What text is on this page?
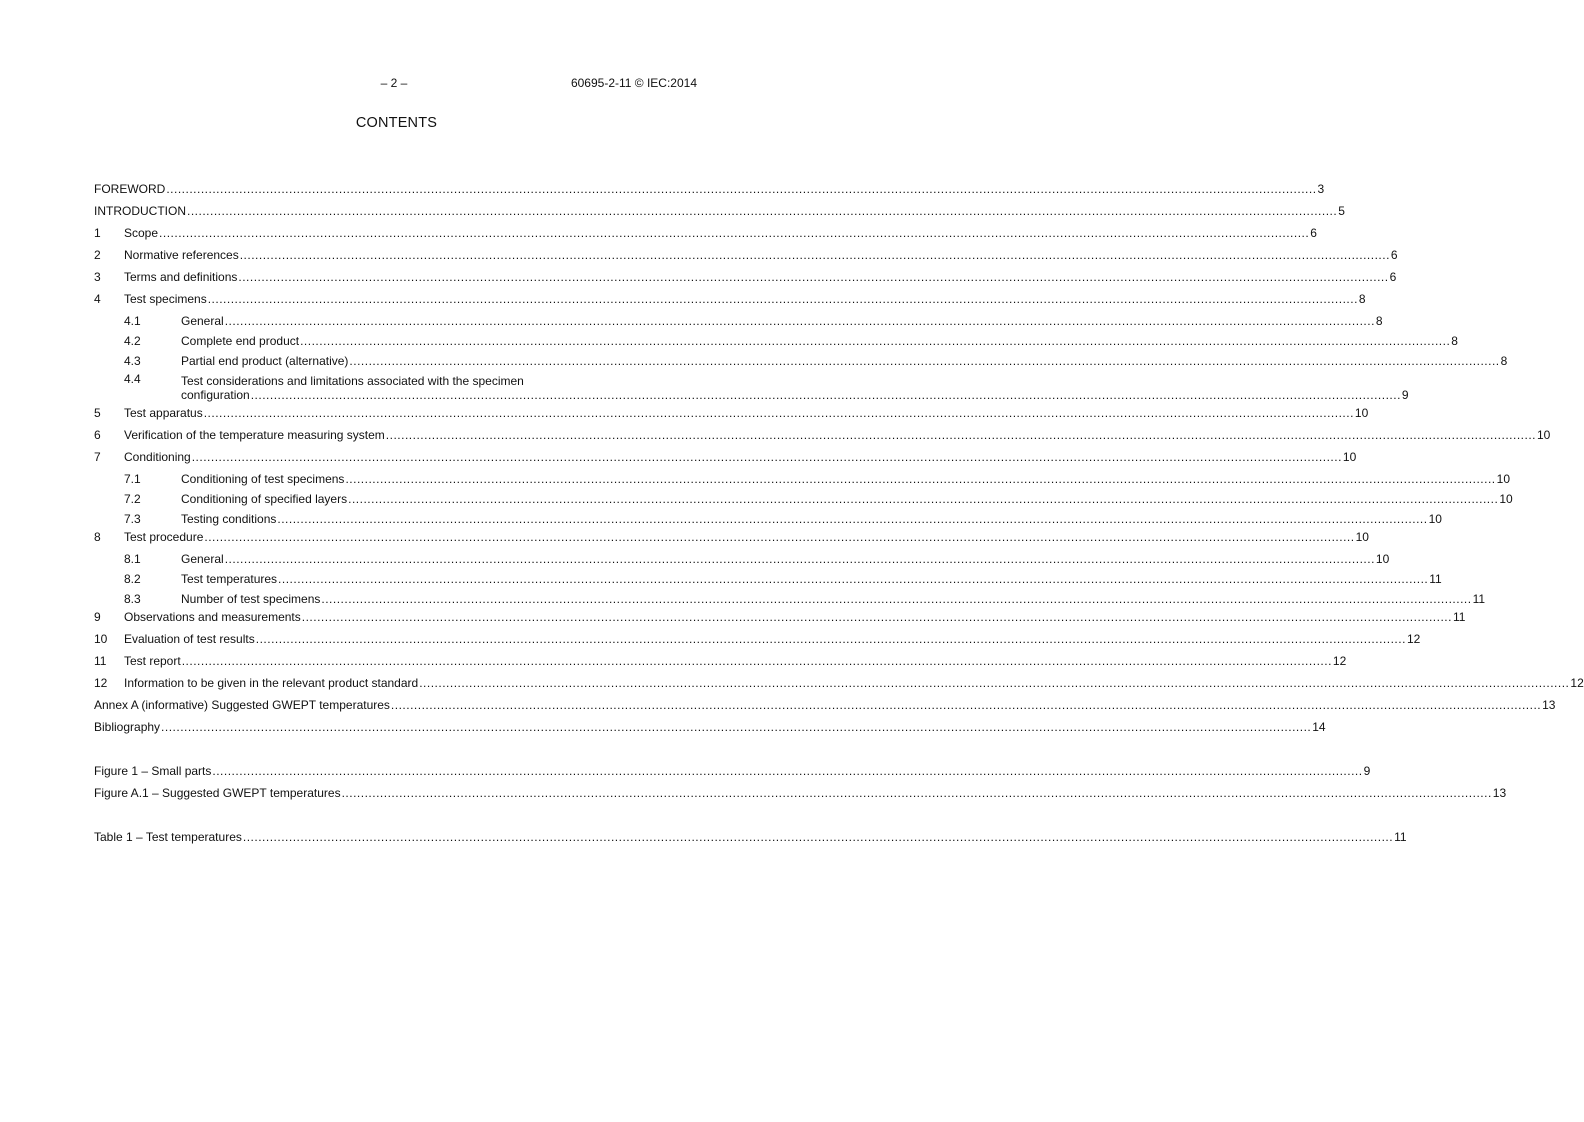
– 2 –	60695-2-11 © IEC:2014
CONTENTS
FOREWORD .....	3
INTRODUCTION .....	5
1 Scope .....	6
2 Normative references .....	6
3 Terms and definitions .....	6
4 Test specimens .....	8
4.1	General .....	8
4.2	Complete end product .....	8
4.3	Partial end product (alternative) .....	8
4.4	Test considerations and limitations associated with the specimen
configuration .....	9
5 Test apparatus .....	10
6 Verification of the temperature measuring system .....	10
7 Conditioning .....	10
7.1	Conditioning of test specimens .....	10
7.2	Conditioning of specified layers .....	10
7.3	Testing conditions .....	10
8 Test procedure .....	10
8.1	General .....	10
8.2	Test temperatures .....	11
8.3	Number of test specimens .....	11
9 Observations and measurements .....	11
10 Evaluation of test results .....	12
11 Test report .....	12
12 Information to be given in the relevant product standard .....	12
Annex A (informative) Suggested GWEPT temperatures .....	13
Bibliography .....	14
Figure 1 – Small parts .....	9
Figure A.1 – Suggested GWEPT temperatures .....	13
Table 1 – Test temperatures .....	11
